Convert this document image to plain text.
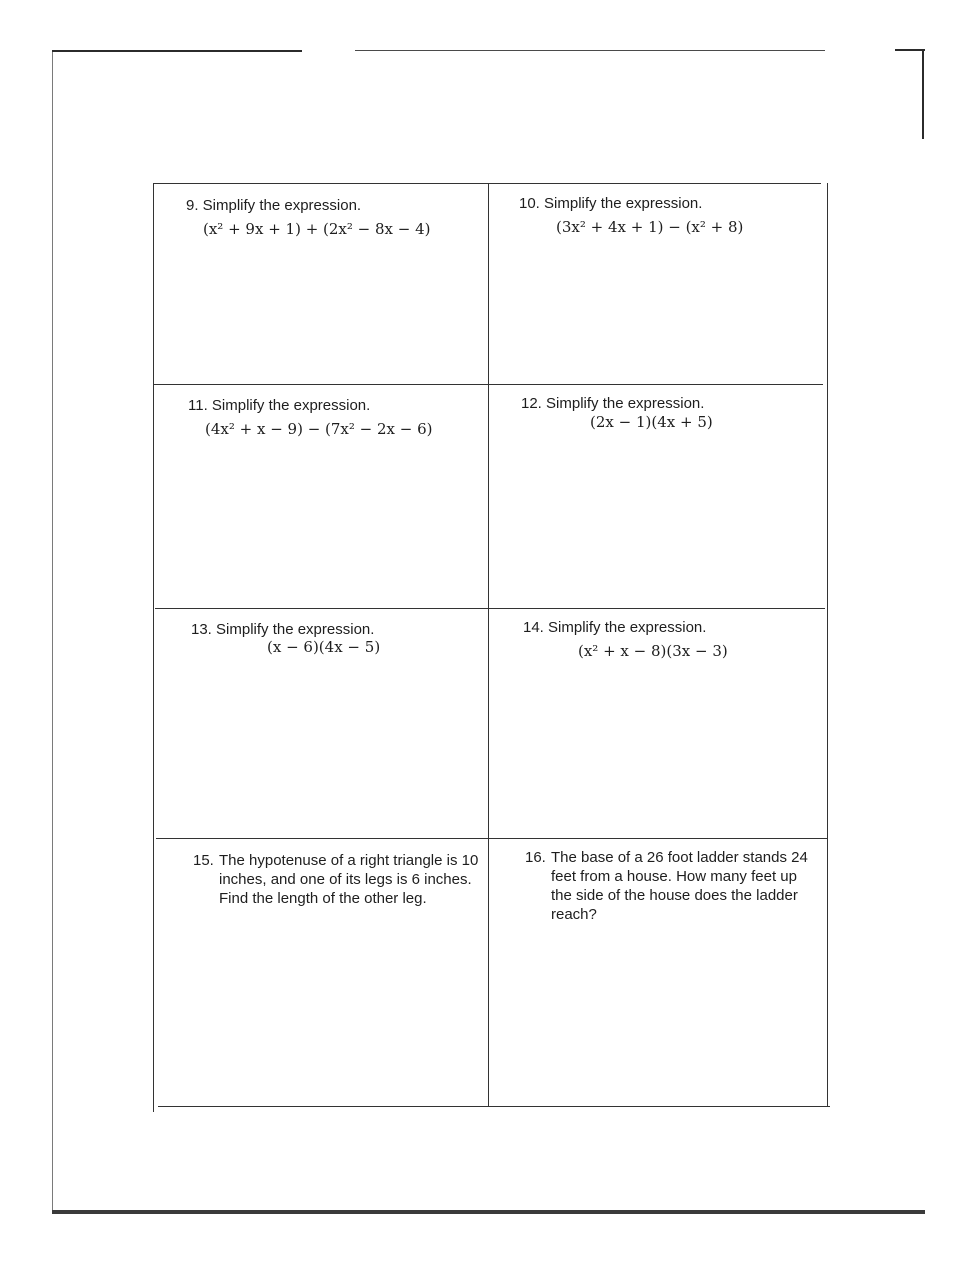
9. Simplify the expression.
(x² + 9x + 1) + (2x² − 8x − 4)
10. Simplify the expression.
(3x² + 4x + 1) − (x² + 8)
11. Simplify the expression.
(4x² + x − 9) − (7x² − 2x − 6)
12. Simplify the expression.
(2x − 1)(4x + 5)
13. Simplify the expression.
(x − 6)(4x − 5)
14. Simplify the expression.
(x² + x − 8)(3x − 3)
15. The hypotenuse of a right triangle is 10 inches, and one of its legs is 6 inches. Find the length of the other leg.
16. The base of a 26 foot ladder stands 24 feet from a house. How many feet up the side of the house does the ladder reach?
